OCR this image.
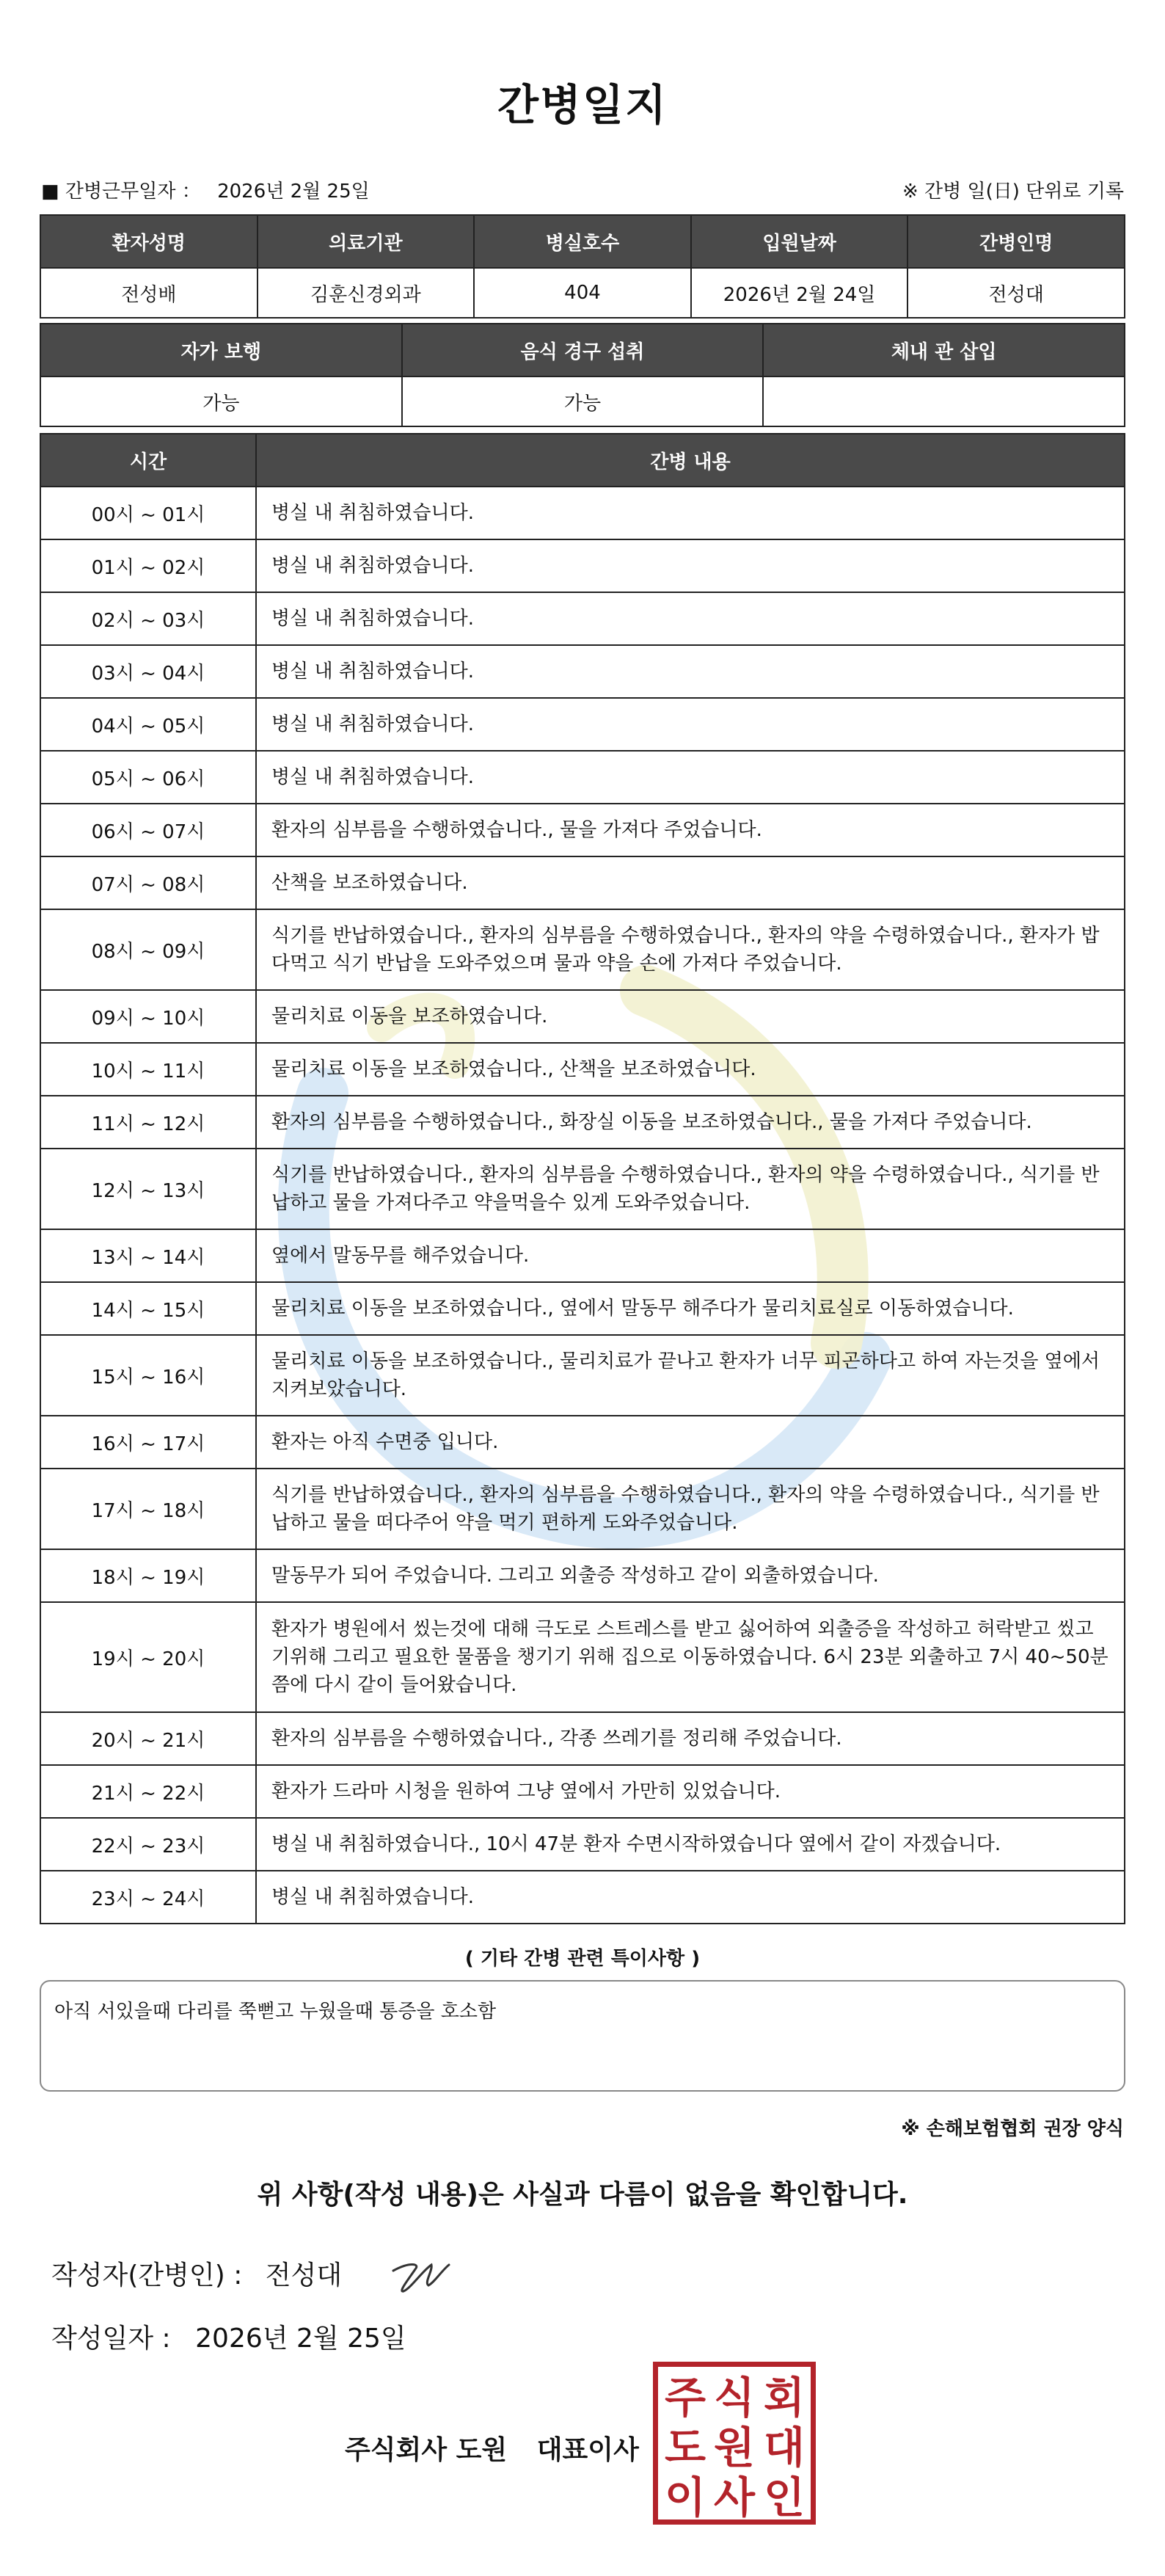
간병일지
■ 간병근무일자 ： 2026년 2월 25일	※ 간병 일(日) 단위로 기록
환자성명	의료기관	병실호수	입원날짜	간병인명
전성배	김훈신경외과	404	2026년 2월 24일	전성대
자가 보행	음식 경구 섭취	체내 관 삽입
가능	가능	
시간	간병 내용
00시 ~ 01시	병실 내 취침하였습니다.
01시 ~ 02시	병실 내 취침하였습니다.
02시 ~ 03시	병실 내 취침하였습니다.
03시 ~ 04시	병실 내 취침하였습니다.
04시 ~ 05시	병실 내 취침하였습니다.
05시 ~ 06시	병실 내 취침하였습니다.
06시 ~ 07시	환자의 심부름을 수행하였습니다., 물을 가져다 주었습니다.
07시 ~ 08시	산책을 보조하였습니다.
08시 ~ 09시	식기를 반납하였습니다., 환자의 심부름을 수행하였습니다., 환자의 약을 수령하였습니다., 환자가 밥다먹고 식기 반납을 도와주었으며 물과 약을 손에 가져다 주었습니다.
09시 ~ 10시	물리치료 이동을 보조하였습니다.
10시 ~ 11시	물리치료 이동을 보조하였습니다., 산책을 보조하였습니다.
11시 ~ 12시	환자의 심부름을 수행하였습니다., 화장실 이동을 보조하였습니다., 물을 가져다 주었습니다.
12시 ~ 13시	식기를 반납하였습니다., 환자의 심부름을 수행하였습니다., 환자의 약을 수령하였습니다., 식기를 반납하고 물을 가져다주고 약을먹을수 있게 도와주었습니다.
13시 ~ 14시	옆에서 말동무를 해주었습니다.
14시 ~ 15시	물리치료 이동을 보조하였습니다., 옆에서 말동무 해주다가 물리치료실로 이동하였습니다.
15시 ~ 16시	물리치료 이동을 보조하였습니다., 물리치료가 끝나고 환자가 너무 피곤하다고 하여 자는것을 옆에서 지켜보았습니다.
16시 ~ 17시	환자는 아직 수면중 입니다.
17시 ~ 18시	식기를 반납하였습니다., 환자의 심부름을 수행하였습니다., 환자의 약을 수령하였습니다., 식기를 반납하고 물을 떠다주어 약을 먹기 편하게 도와주었습니다.
18시 ~ 19시	말동무가 되어 주었습니다. 그리고 외출증 작성하고 같이 외출하였습니다.
19시 ~ 20시	환자가 병원에서 씼는것에 대해 극도로 스트레스를 받고 싫어하여 외출증을 작성하고 허락받고 씼고 기위해 그리고 필요한 물품을 챙기기 위해 집으로 이동하였습니다. 6시 23분 외출하고 7시 40~50분쯤에 다시 같이 들어왔습니다.
20시 ~ 21시	환자의 심부름을 수행하였습니다., 각종 쓰레기를 정리해 주었습니다.
21시 ~ 22시	환자가 드라마 시청을 원하여 그냥 옆에서 가만히 있었습니다.
22시 ~ 23시	병실 내 취침하였습니다., 10시 47분 환자 수면시작하였습니다 옆에서 같이 자겠습니다.
23시 ~ 24시	병실 내 취침하였습니다.
( 기타 간병 관련 특이사항 )
아직 서있을때 다리를 쭉뻗고 누웠을때 통증을 호소함
※ 손해보험협회 권장 양식
위 사항(작성 내용)은 사실과 다름이 없음을 확인합니다.
작성자(간병인) : 전성대
작성일자 : 2026년 2월 25일
주식회사 도원 대표이사
주 식 회
도 원 대
이 사 인
